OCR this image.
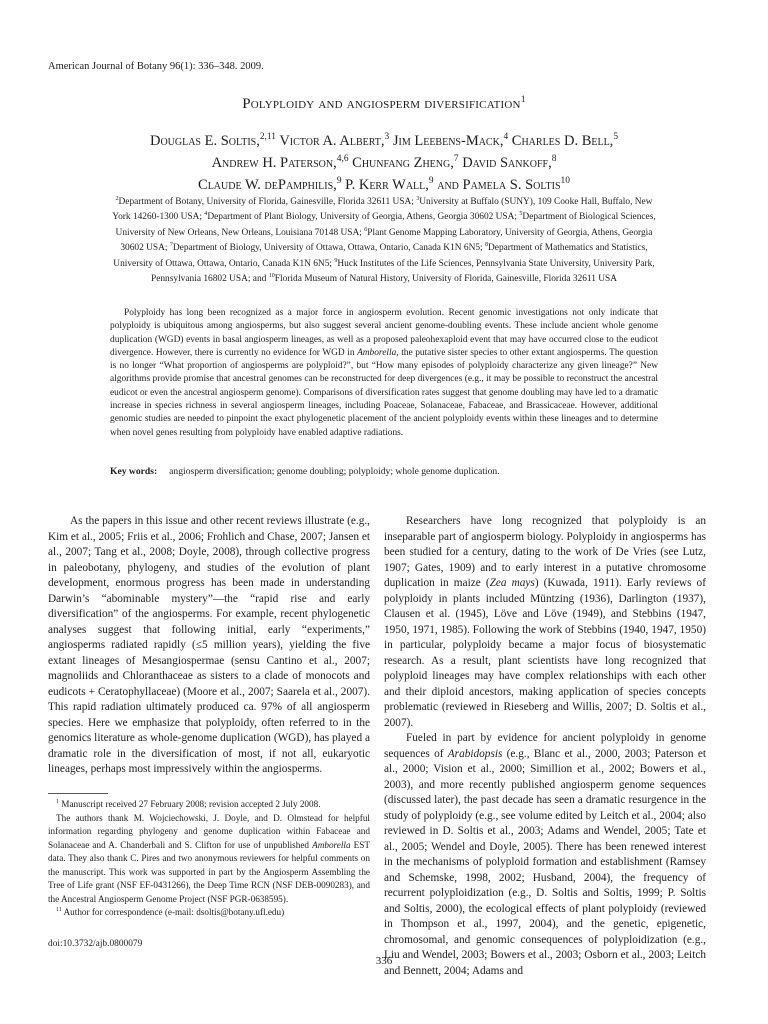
American Journal of Botany 96(1): 336–348. 2009.
Polyploidy and angiosperm diversification$^1$
Douglas E. Soltis,$^{2,11}$ Victor A. Albert,$^3$ Jim Leebens-Mack,$^4$ Charles D. Bell,$^5$
Andrew H. Paterson,$^{4,6}$ Chunfang Zheng,$^7$ David Sankoff,$^8$
Claude W. dePamphilis,$^9$ P. Kerr Wall,$^9$ and Pamela S. Soltis$^{10}$
$^2$Department of Botany, University of Florida, Gainesville, Florida 32611 USA; $^3$University at Buffalo (SUNY), 109 Cooke Hall, Buffalo, New York 14260-1300 USA; $^4$Department of Plant Biology, University of Georgia, Athens, Georgia 30602 USA; $^5$Department of Biological Sciences, University of New Orleans, New Orleans, Louisiana 70148 USA; $^6$Plant Genome Mapping Laboratory, University of Georgia, Athens, Georgia 30602 USA; $^7$Department of Biology, University of Ottawa, Ottawa, Ontario, Canada K1N 6N5; $^8$Department of Mathematics and Statistics, University of Ottawa, Ottawa, Ontario, Canada K1N 6N5; $^9$Huck Institutes of the Life Sciences, Pennsylvania State University, University Park, Pennsylvania 16802 USA; and $^{10}$Florida Museum of Natural History, University of Florida, Gainesville, Florida 32611 USA
Polyploidy has long been recognized as a major force in angiosperm evolution. Recent genomic investigations not only indicate that polyploidy is ubiquitous among angiosperms, but also suggest several ancient genome-doubling events. These include ancient whole genome duplication (WGD) events in basal angiosperm lineages, as well as a proposed paleohexaploid event that may have occurred close to the eudicot divergence. However, there is currently no evidence for WGD in Amborella, the putative sister species to other extant angiosperms. The question is no longer “What proportion of angiosperms are polyploid?”, but “How many episodes of polyploidy characterize any given lineage?” New algorithms provide promise that ancestral genomes can be reconstructed for deep divergences (e.g., it may be possible to reconstruct the ancestral eudicot or even the ancestral angiosperm genome). Comparisons of diversification rates suggest that genome doubling may have led to a dramatic increase in species richness in several angiosperm lineages, including Poaceae, Solanaceae, Fabaceae, and Brassicaceae. However, additional genomic studies are needed to pinpoint the exact phylogenetic placement of the ancient polyploidy events within these lineages and to determine when novel genes resulting from polyploidy have enabled adaptive radiations.
Key words: angiosperm diversification; genome doubling; polyploidy; whole genome duplication.

As the papers in this issue and other recent reviews illustrate (e.g., Kim et al., 2005; Friis et al., 2006; Frohlich and Chase, 2007; Jansen et al., 2007; Tang et al., 2008; Doyle, 2008), through collective progress in paleobotany, phylogeny, and studies of the evolution of plant development, enormous progress has been made in understanding Darwin’s “abominable mystery”—the “rapid rise and early diversification” of the angiosperms. For example, recent phylogenetic analyses suggest that following initial, early “experiments,” angiosperms radiated rapidly (≤5 million years), yielding the five extant lineages of Mesangiospermae (sensu Cantino et al., 2007; magnoliids and Chloranthaceae as sisters to a clade of monocots and eudicots + Ceratophyllaceae) (Moore et al., 2007; Saarela et al., 2007). This rapid radiation ultimately produced ca. 97% of all angiosperm species. Here we emphasize that polyploidy, often referred to in the genomics literature as whole-genome duplication (WGD), has played a dramatic role in the diversification of most, if not all, eukaryotic lineages, perhaps most impressively within the angiosperms.

Researchers have long recognized that polyploidy is an inseparable part of angiosperm biology. Polyploidy in angiosperms has been studied for a century, dating to the work of De Vries (see Lutz, 1907; Gates, 1909) and to early interest in a putative chromosome duplication in maize (Zea mays) (Kuwada, 1911). Early reviews of polyploidy in plants included Müntzing (1936), Darlington (1937), Clausen et al. (1945), Löve and Löve (1949), and Stebbins (1947, 1950, 1971, 1985). Following the work of Stebbins (1940, 1947, 1950) in particular, polyploidy became a major focus of biosystematic research. As a result, plant scientists have long recognized that polyploid lineages may have complex relationships with each other and their diploid ancestors, making application of species concepts problematic (reviewed in Rieseberg and Willis, 2007; D. Soltis et al., 2007).

Fueled in part by evidence for ancient polyploidy in genome sequences of Arabidopsis (e.g., Blanc et al., 2000, 2003; Paterson et al., 2000; Vision et al., 2000; Simillion et al., 2002; Bowers et al., 2003), and more recently published angiosperm genome sequences (discussed later), the past decade has seen a dramatic resurgence in the study of polyploidy (e.g., see volume edited by Leitch et al., 2004; also reviewed in D. Soltis et al., 2003; Adams and Wendel, 2005; Tate et al., 2005; Wendel and Doyle, 2005). There has been renewed interest in the mechanisms of polyploid formation and establishment (Ramsey and Schemske, 1998, 2002; Husband, 2004), the frequency of recurrent polyploidization (e.g., D. Soltis and Soltis, 1999; P. Soltis and Soltis, 2000), the ecological effects of plant polyploidy (reviewed in Thompson et al., 1997, 2004), and the genetic, epigenetic, chromosomal, and genomic consequences of polyploidization (e.g., Liu and Wendel, 2003; Bowers et al., 2003; Osborn et al., 2003; Leitch and Bennett, 2004; Adams and

$^1$ Manuscript received 27 February 2008; revision accepted 2 July 2008.

The authors thank M. Wojciechowski, J. Doyle, and D. Olmstead for helpful information regarding phylogeny and genome duplication within Fabaceae and Solanaceae and A. Chanderbali and S. Clifton for use of unpublished Amborella EST data. They also thank C. Pires and two anonymous reviewers for helpful comments on the manuscript. This work was supported in part by the Angiosperm Assembling the Tree of Life grant (NSF EF-0431266), the Deep Time RCN (NSF DEB-0090283), and the Ancestral Angiosperm Genome Project (NSF PGR-0638595).

$^{11}$ Author for correspondence (e-mail: dsoltis@botany.ufl.edu)

doi:10.3732/ajb.0800079
336
